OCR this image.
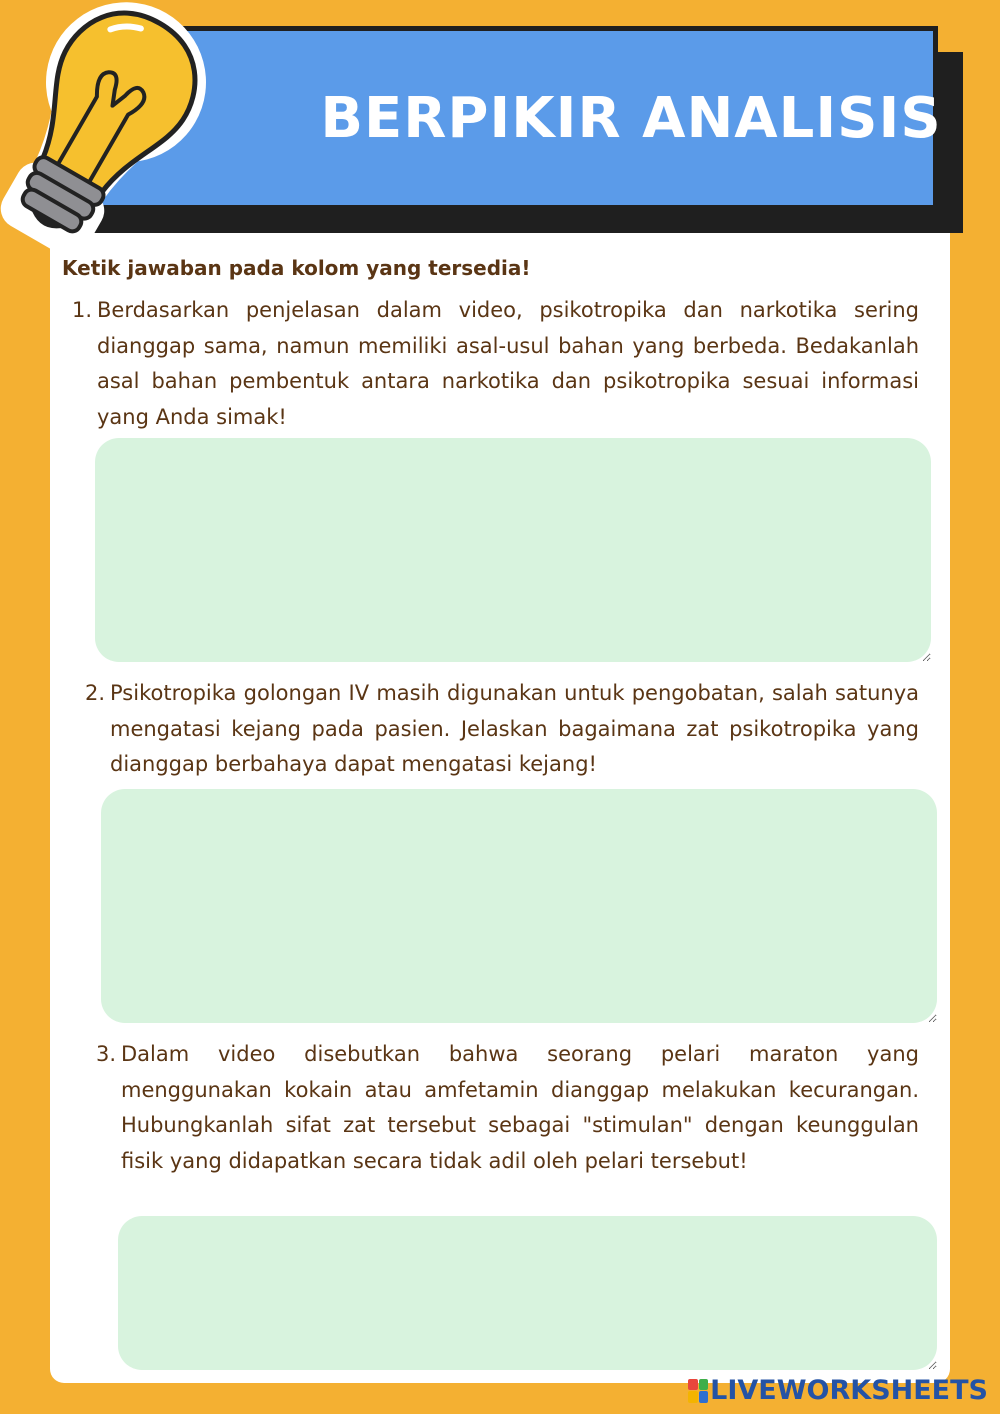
BERPIKIR ANALISIS

Ketik jawaban pada kolom yang tersedia!

1. Berdasarkan penjelasan dalam video, psikotropika dan narkotika sering dianggap sama, namun memiliki asal-usul bahan yang berbeda. Bedakanlah asal bahan pembentuk antara narkotika dan psikotropika sesuai informasi yang Anda simak!
2. Psikotropika golongan IV masih digunakan untuk pengobatan, salah satunya mengatasi kejang pada pasien. Jelaskan bagaimana zat psikotropika yang dianggap berbahaya dapat mengatasi kejang!
3. Dalam video disebutkan bahwa seorang pelari maraton yang menggunakan kokain atau amfetamin dianggap melakukan kecurangan. Hubungkanlah sifat zat tersebut sebagai "stimulan" dengan keunggulan fisik yang didapatkan secara tidak adil oleh pelari tersebut!
LIVEWORKSHEETS
